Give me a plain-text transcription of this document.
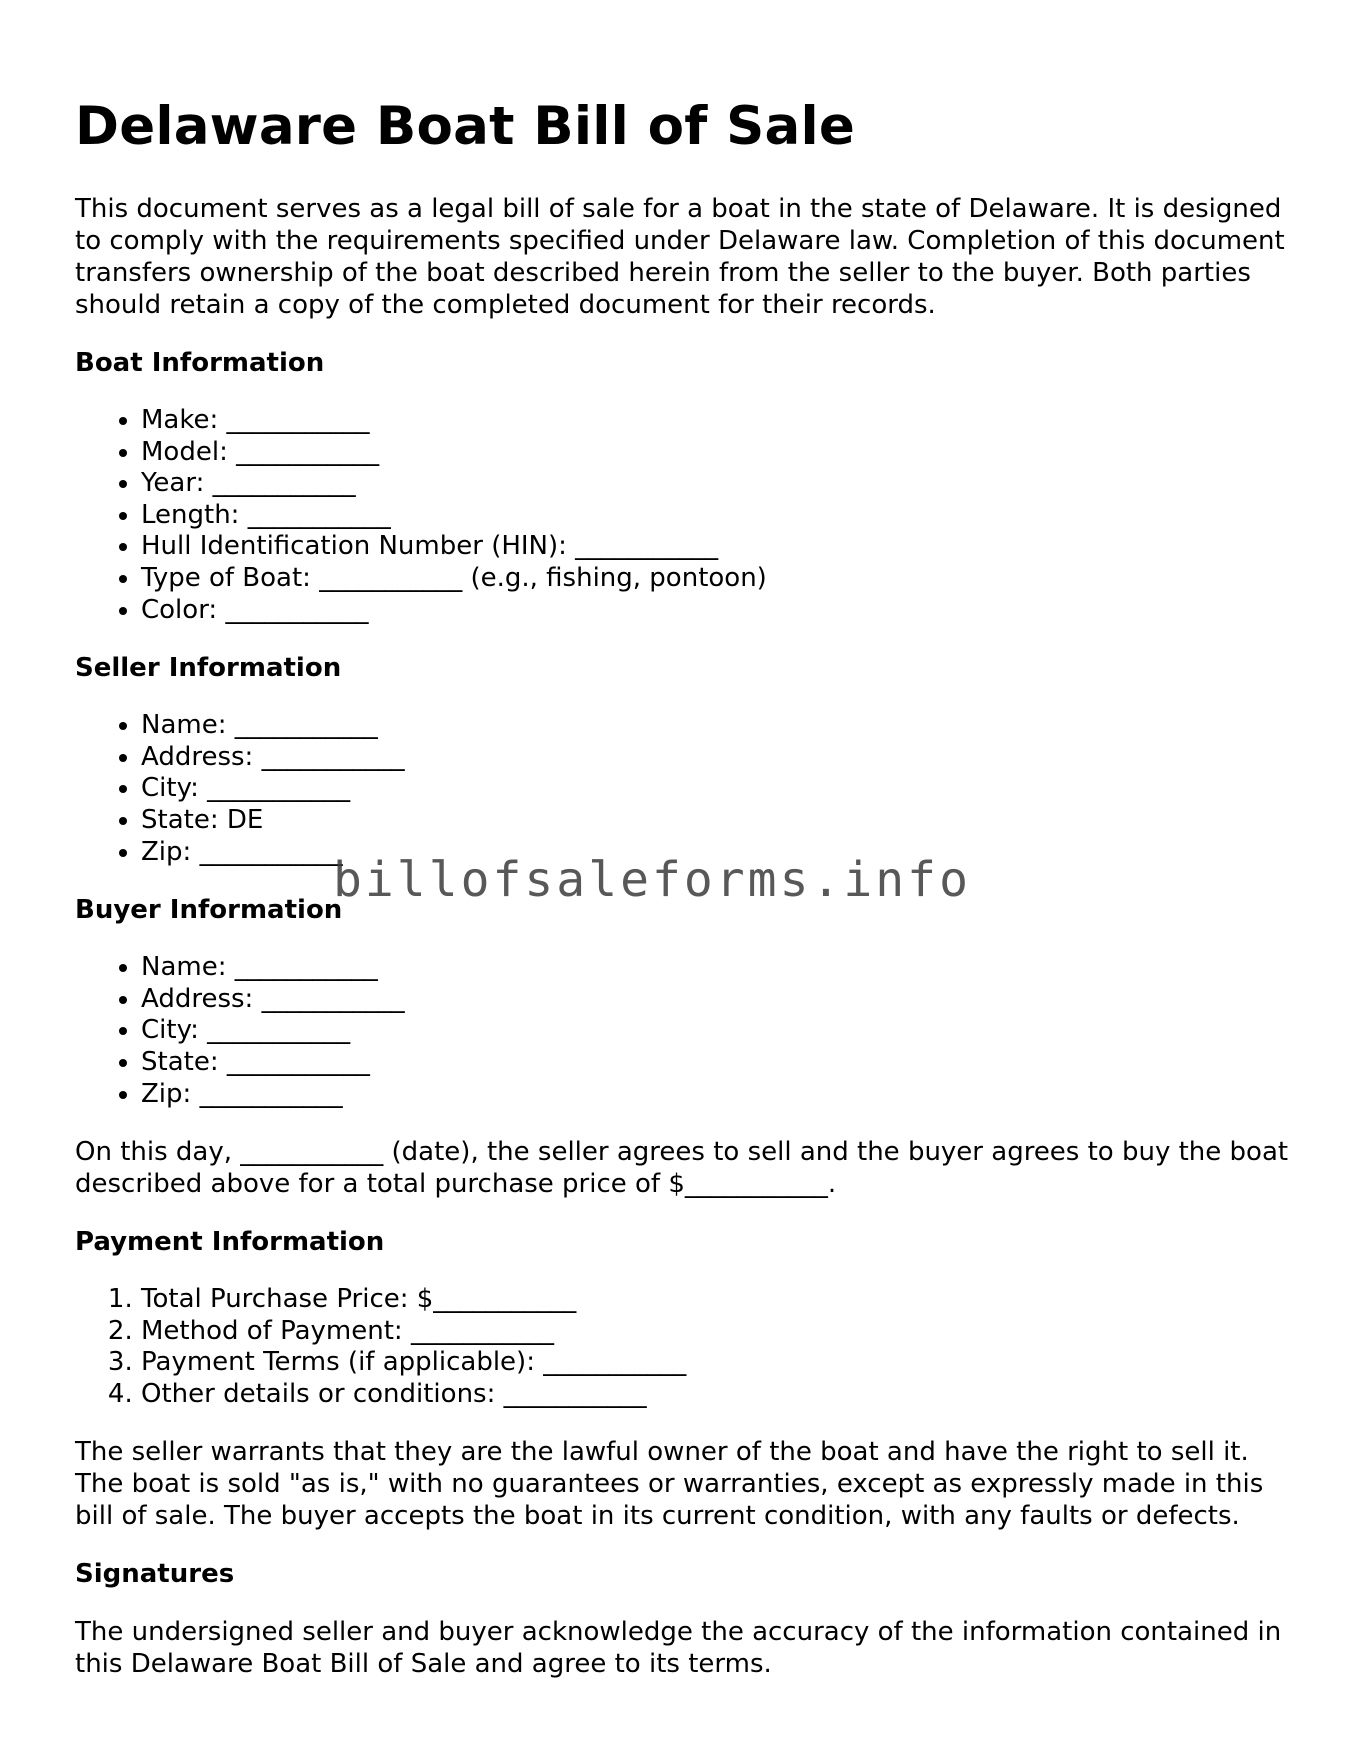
Delaware Boat Bill of Sale

This document serves as a legal bill of sale for a boat in the state of Delaware. It is designed to comply with the requirements specified under Delaware law. Completion of this document transfers ownership of the boat described herein from the seller to the buyer. Both parties should retain a copy of the completed document for their records.

Boat Information
• Make: ___________
• Model: ___________
• Year: ___________
• Length: ___________
• Hull Identification Number (HIN): ___________
• Type of Boat: ___________ (e.g., fishing, pontoon)
• Color: ___________
Seller Information
• Name: ___________
• Address: ___________
• City: ___________
• State: DE
• Zip: ___________
Buyer Information
• Name: ___________
• Address: ___________
• City: ___________
• State: ___________
• Zip: ___________

On this day, ___________ (date), the seller agrees to sell and the buyer agrees to buy the boat described above for a total purchase price of $___________.

Payment Information
1. Total Purchase Price: $___________
2. Method of Payment: ___________
3. Payment Terms (if applicable): ___________
4. Other details or conditions: ___________

The seller warrants that they are the lawful owner of the boat and have the right to sell it. The boat is sold "as is," with no guarantees or warranties, except as expressly made in this bill of sale. The buyer accepts the boat in its current condition, with any faults or defects.

Signatures

The undersigned seller and buyer acknowledge the accuracy of the information contained in this Delaware Boat Bill of Sale and agree to its terms.

billofsaleforms.info
